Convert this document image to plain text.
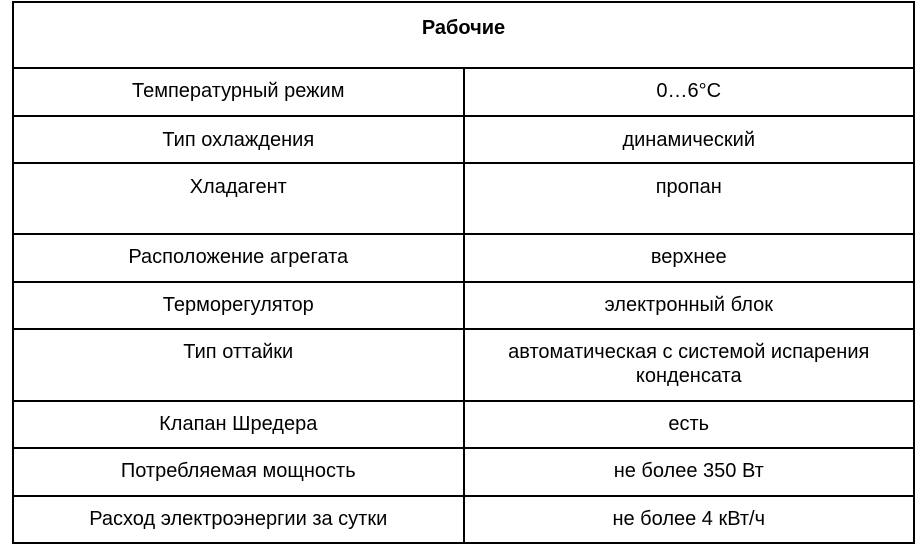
Рабочие	
Температурный режим	0…6°C
Тип охлаждения	динамический
Хладагент	пропан
Расположение агрегата	верхнее
Терморегулятор	электронный блок
Тип оттайки	автоматическая с системой испарения конденсата
Клапан Шредера	есть
Потребляемая мощность	не более 350 Вт
Расход электроэнергии за сутки	не более 4 кВт/ч
